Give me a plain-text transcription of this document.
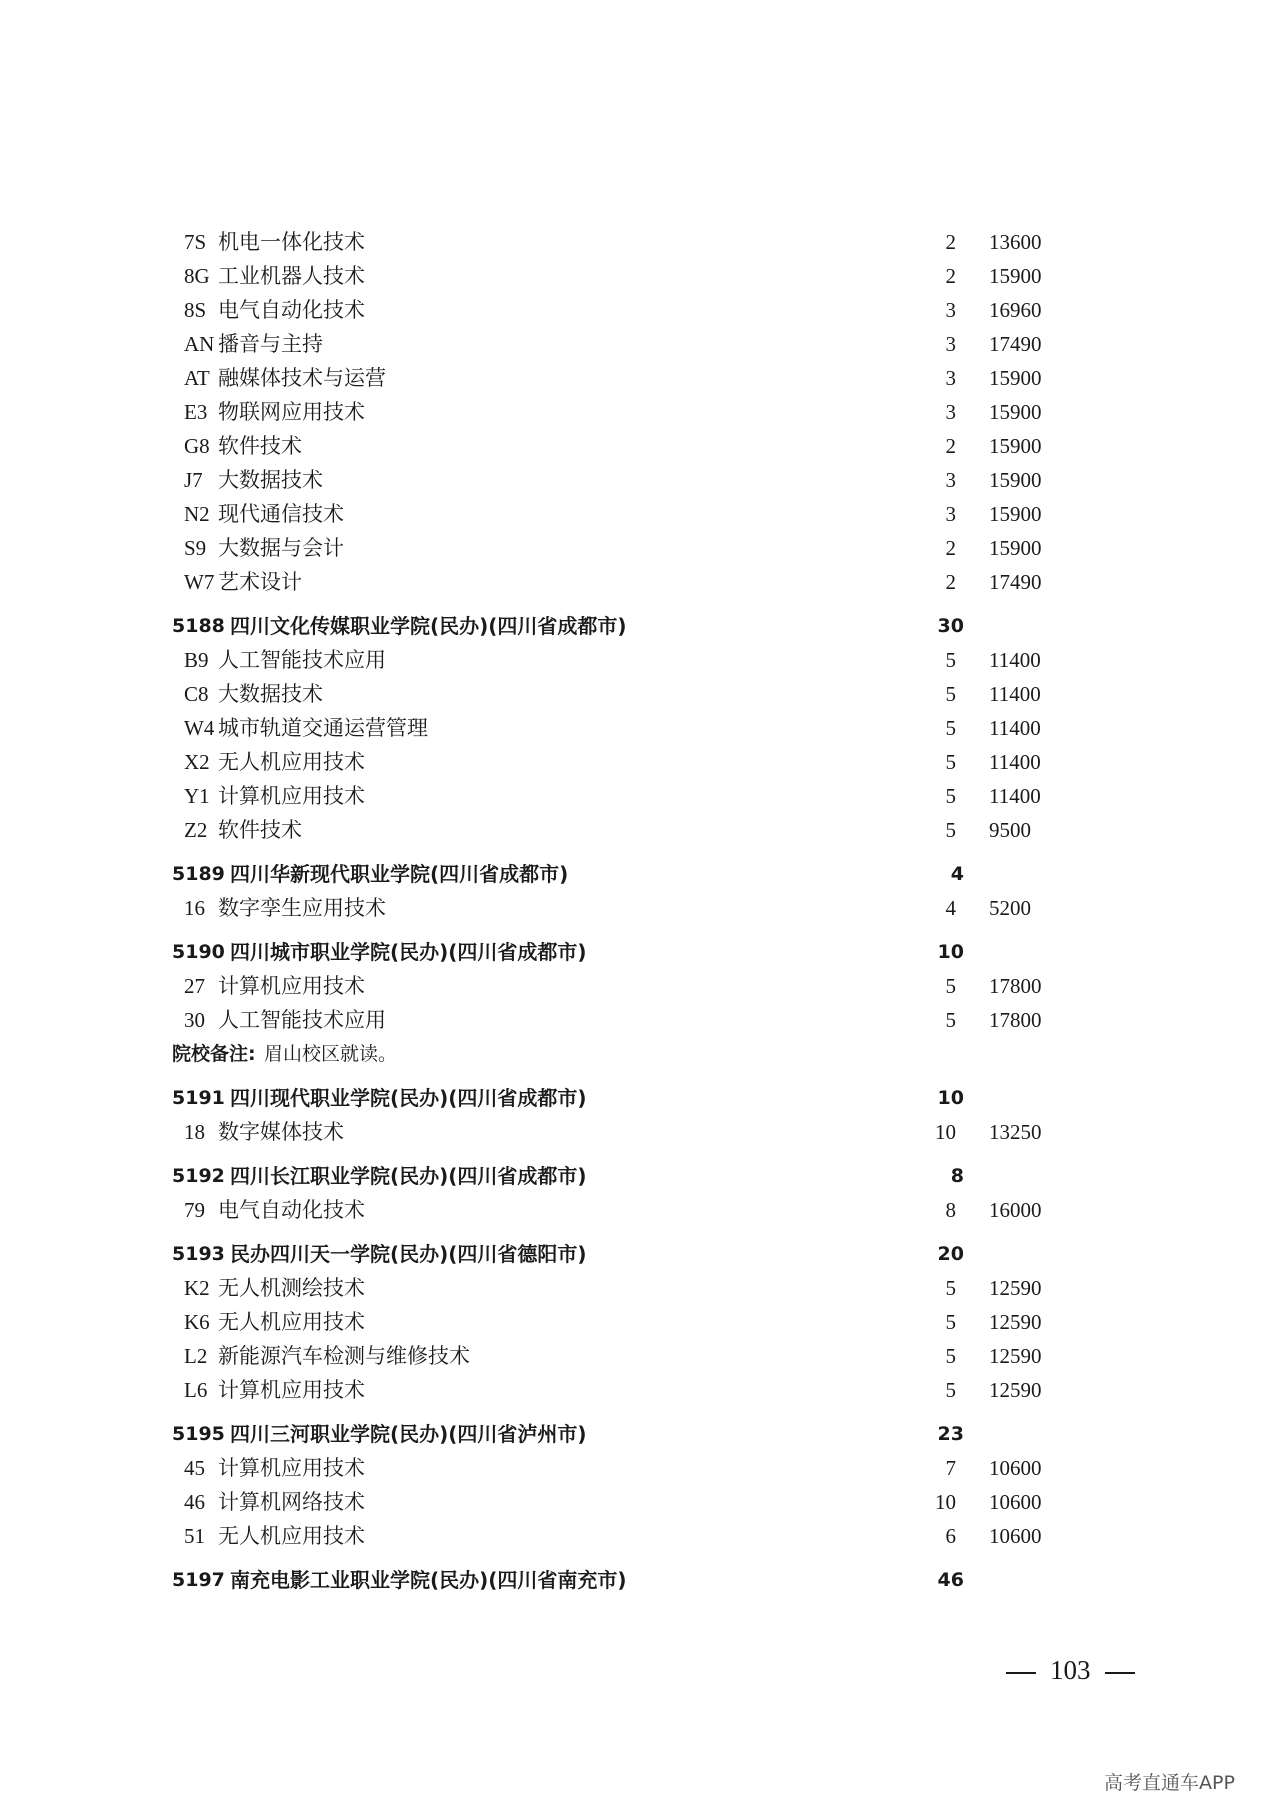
7S 机电一体化技术	2 13600
8G 工业机器人技术	2 15900
8S 电气自动化技术	3 16960
AN 播音与主持	3 17490
AT 融媒体技术与运营	3 15900
E3 物联网应用技术	3 15900
G8 软件技术	2 15900
J7 大数据技术	3 15900
N2 现代通信技术	3 15900
S9 大数据与会计	2 15900
W7 艺术设计	2 17490
5188 四川文化传媒职业学院(民办)(四川省成都市)	30
B9 人工智能技术应用	5 11400
C8 大数据技术	5 11400
W4 城市轨道交通运营管理	5 11400
X2 无人机应用技术	5 11400
Y1 计算机应用技术	5 11400
Z2 软件技术	5 9500
5189 四川华新现代职业学院(四川省成都市)	4
16 数字孪生应用技术	4 5200
5190 四川城市职业学院(民办)(四川省成都市)	10
27 计算机应用技术	5 17800
30 人工智能技术应用	5 17800
院校备注: 眉山校区就读。
5191 四川现代职业学院(民办)(四川省成都市)	10
18 数字媒体技术	10 13250
5192 四川长江职业学院(民办)(四川省成都市)	8
79 电气自动化技术	8 16000
5193 民办四川天一学院(民办)(四川省德阳市)	20
K2 无人机测绘技术	5 12590
K6 无人机应用技术	5 12590
L2 新能源汽车检测与维修技术	5 12590
L6 计算机应用技术	5 12590
5195 四川三河职业学院(民办)(四川省泸州市)	23
45 计算机应用技术	7 10600
46 计算机网络技术	10 10600
51 无人机应用技术	6 10600
5197 南充电影工业职业学院(民办)(四川省南充市)	46
103
高考直通车APP
